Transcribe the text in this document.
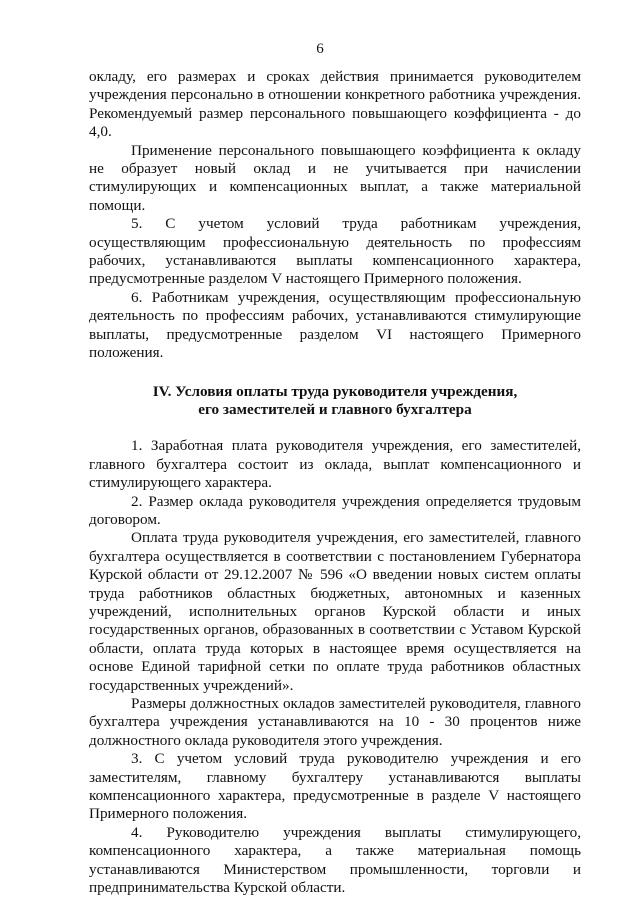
6

окладу, его размерах и сроках действия принимается руководителем учреждения персонально в отношении конкретного работника учреждения. Рекомендуемый размер персонального повышающего коэффициента - до 4,0.

Применение персонального повышающего коэффициента к окладу не образует новый оклад и не учитывается при начислении стимулирующих и компенсационных выплат, а также материальной помощи.

5. С учетом условий труда работникам учреждения, осуществляющим профессиональную деятельность по профессиям рабочих, устанавливаются выплаты компенсационного характера, предусмотренные разделом V настоящего Примерного положения.

6. Работникам учреждения, осуществляющим профессиональную деятельность по профессиям рабочих, устанавливаются стимулирующие выплаты, предусмотренные разделом VI настоящего Примерного положения.

IV. Условия оплаты труда руководителя учреждения,
его заместителей и главного бухгалтера

1. Заработная плата руководителя учреждения, его заместителей, главного бухгалтера состоит из оклада, выплат компенсационного и стимулирующего характера.

2. Размер оклада руководителя учреждения определяется трудовым договором.

Оплата труда руководителя учреждения, его заместителей, главного бухгалтера осуществляется в соответствии с постановлением Губернатора Курской области от 29.12.2007 № 596 «О введении новых систем оплаты труда работников областных бюджетных, автономных и казенных учреждений, исполнительных органов Курской области и иных государственных органов, образованных в соответствии с Уставом Курской области, оплата труда которых в настоящее время осуществляется на основе Единой тарифной сетки по оплате труда работников областных государственных учреждений».

Размеры должностных окладов заместителей руководителя, главного бухгалтера учреждения устанавливаются на 10 - 30 процентов ниже должностного оклада руководителя этого учреждения.

3. С учетом условий труда руководителю учреждения и его заместителям, главному бухгалтеру устанавливаются выплаты компенсационного характера, предусмотренные в разделе V настоящего Примерного положения.

4. Руководителю учреждения выплаты стимулирующего, компенсационного характера, а также материальная помощь устанавливаются Министерством промышленности, торговли и предпринимательства Курской области.
